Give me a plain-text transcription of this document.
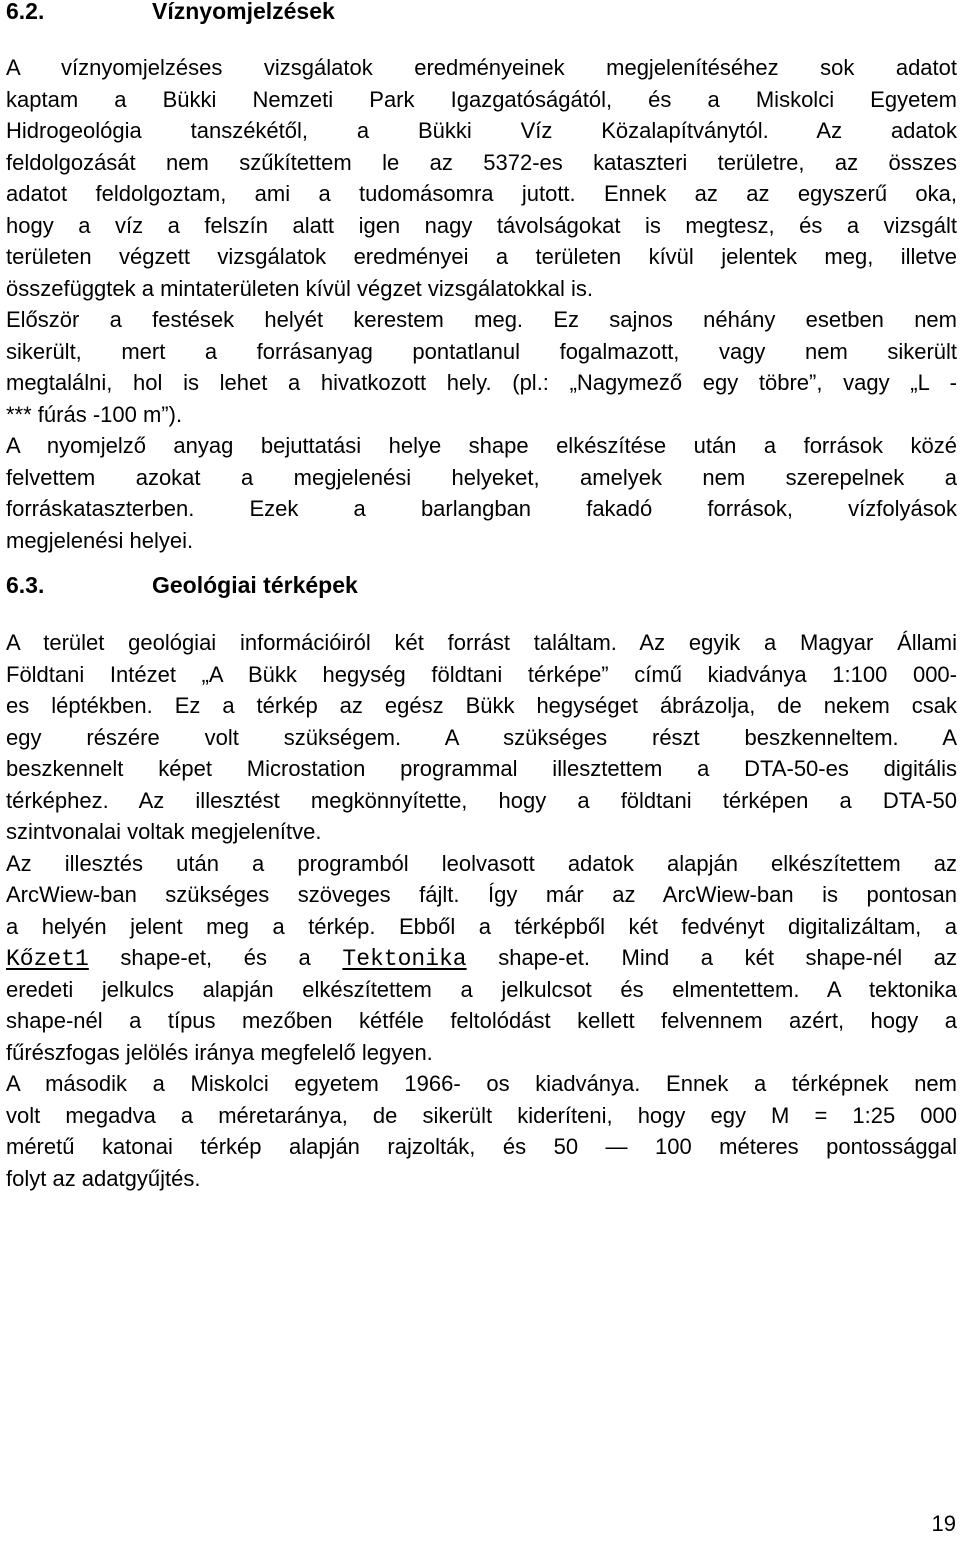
6.2.	Víznyomjelzések
A víznyomjelzéses vizsgálatok eredményeinek megjelenítéséhez sok adatot
kaptam a Bükki Nemzeti Park Igazgatóságától, és a Miskolci Egyetem
Hidrogeológia tanszékétől, a Bükki Víz Közalapítványtól. Az adatok
feldolgozását nem szűkítettem le az 5372-es kataszteri területre, az összes
adatot feldolgoztam, ami a tudomásomra jutott. Ennek az az egyszerű oka,
hogy a víz a felszín alatt igen nagy távolságokat is megtesz, és a vizsgált
területen végzett vizsgálatok eredményei a területen kívül jelentek meg, illetve
összefüggtek a mintaterületen kívül végzet vizsgálatokkal is.
Először a festések helyét kerestem meg. Ez sajnos néhány esetben nem
sikerült, mert a forrásanyag pontatlanul fogalmazott, vagy nem sikerült
megtalálni, hol is lehet a hivatkozott hely. (pl.: „Nagymező egy töbre”, vagy „L -
*** fúrás -100 m”).
A nyomjelző anyag bejuttatási helye shape elkészítése után a források közé
felvettem azokat a megjelenési helyeket, amelyek nem szerepelnek a
forráskataszterben. Ezek a barlangban fakadó források, vízfolyások
megjelenési helyei.
6.3.	Geológiai térképek
A terület geológiai információiról két forrást találtam. Az egyik a Magyar Állami
Földtani Intézet „A Bükk hegység földtani térképe” című kiadványa 1:100 000-
es léptékben. Ez a térkép az egész Bükk hegységet ábrázolja, de nekem csak
egy részére volt szükségem. A szükséges részt beszkenneltem. A
beszkennelt képet Microstation programmal illesztettem a DTA-50-es digitális
térképhez. Az illesztést megkönnyítette, hogy a földtani térképen a DTA-50
szintvonalai voltak megjelenítve.
Az illesztés után a programból leolvasott adatok alapján elkészítettem az
ArcWiew-ban szükséges szöveges fájlt. Így már az ArcWiew-ban is pontosan
a helyén jelent meg a térkép. Ebből a térképből két fedvényt digitalizáltam, a
Kőzet1 shape-et, és a Tektonika shape-et. Mind a két shape-nél az
eredeti jelkulcs alapján elkészítettem a jelkulcsot és elmentettem. A tektonika
shape-nél a típus mezőben kétféle feltolódást kellett felvennem azért, hogy a
fűrészfogas jelölés iránya megfelelő legyen.
A második a Miskolci egyetem 1966- os kiadványa. Ennek a térképnek nem
volt megadva a méretaránya, de sikerült kideríteni, hogy egy M = 1:25 000
méretű katonai térkép alapján rajzolták, és 50 — 100 méteres pontossággal
folyt az adatgyűjtés.
19
